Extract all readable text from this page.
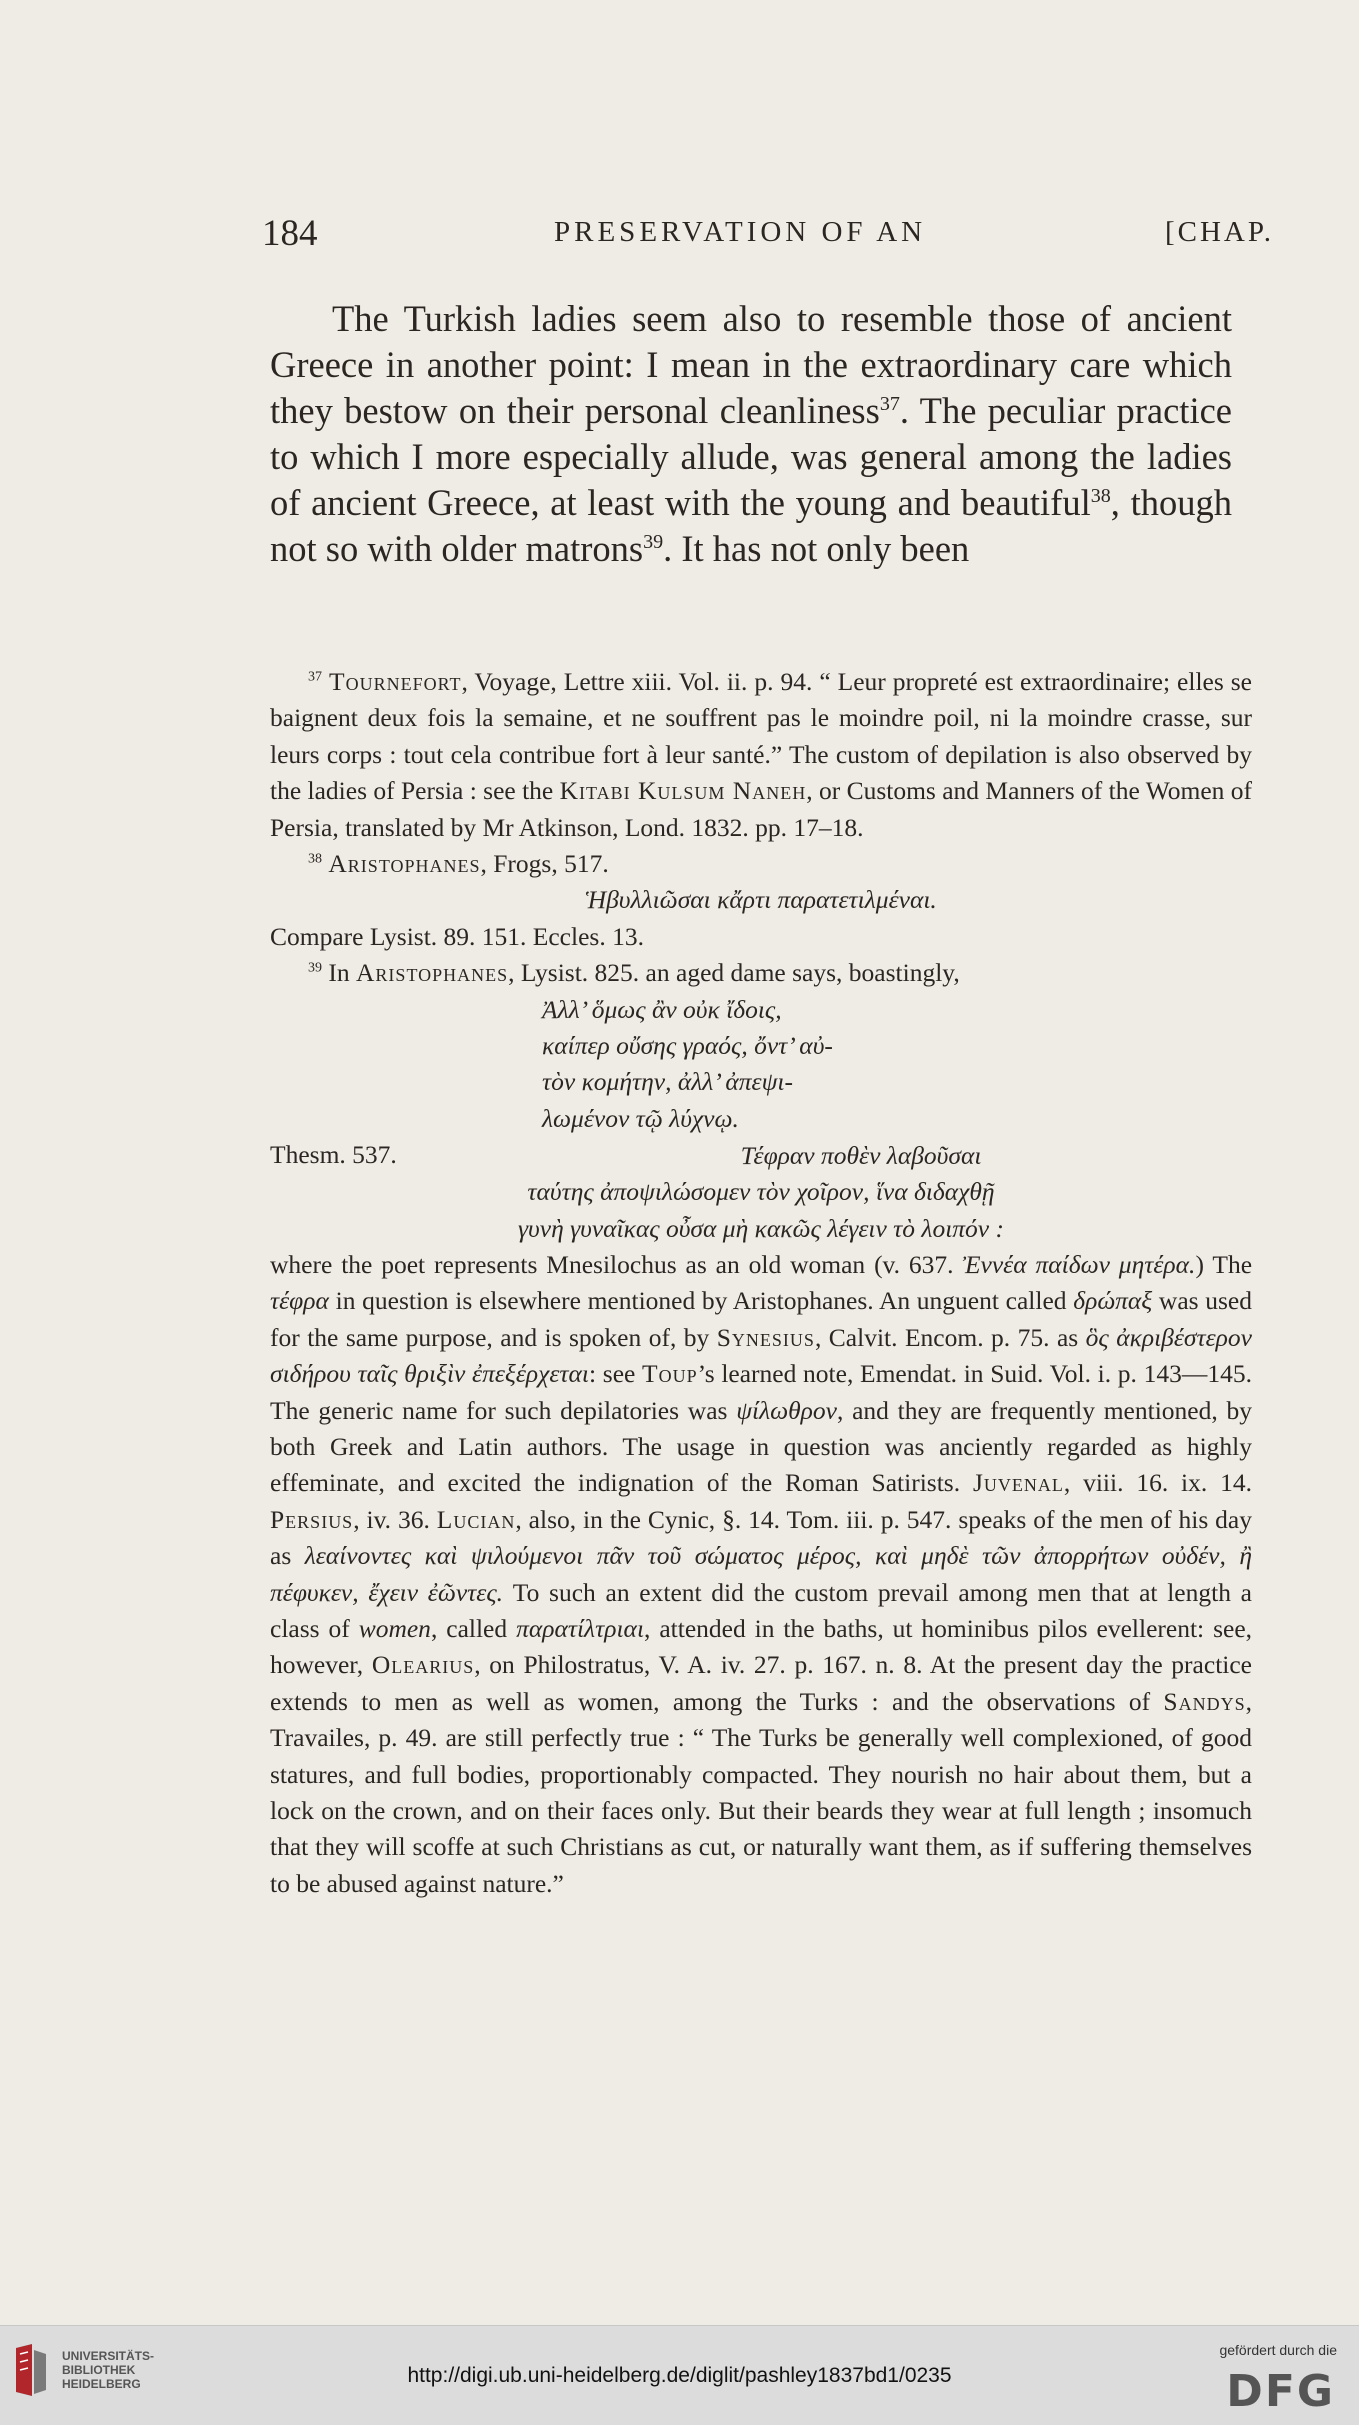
184	PRESERVATION OF AN	[CHAP.
The Turkish ladies seem also to resemble those of ancient Greece in another point: I mean in the extraordinary care which they bestow on their personal cleanliness$^{37}$. The peculiar practice to which I more especially allude, was general among the ladies of ancient Greece, at least with the young and beautiful$^{38}$, though not so with older matrons$^{39}$. It has not only been

$^{37}$ Tournefort, Voyage, Lettre xiii. Vol. ii. p. 94. “ Leur propreté est extraordinaire; elles se baignent deux fois la semaine, et ne souffrent pas le moindre poil, ni la moindre crasse, sur leurs corps : tout cela contribue fort à leur santé.” The custom of depilation is also observed by the ladies of Persia : see the Kitabi Kulsum Naneh, or Customs and Manners of the Women of Persia, translated by Mr Atkinson, Lond. 1832. pp. 17–18.

$^{38}$ Aristophanes, Frogs, 517.

Ἡβυλλιῶσαι κἄρτι παρατετιλμέναι.

Compare Lysist. 89. 151. Eccles. 13.

$^{39}$ In Aristophanes, Lysist. 825. an aged dame says, boastingly,

Ἀλλ’ ὅμως ἂν οὐκ ἴδοις,

καίπερ οὔσης γραός, ὄντ’ αὐ-

τὸν κομήτην, ἀλλ’ ἀπεψι-

λωμένον τῷ λύχνῳ.

Thesm. 537.	Τέφραν ποθὲν λαβοῦσαι

ταύτης ἀποψιλώσομεν τὸν χοῖρον, ἵνα διδαχθῇ

γυνὴ γυναῖκας οὖσα μὴ κακῶς λέγειν τὸ λοιπόν :

where the poet represents Mnesilochus as an old woman (v. 637. Ἐννέα παίδων μητέρα.) The τέφρα in question is elsewhere mentioned by Aristophanes. An unguent called δρώπαξ was used for the same purpose, and is spoken of, by Synesius, Calvit. Encom. p. 75. as ὃς ἀκριβέστερον σιδήρου ταῖς θριξὶν ἐπεξέρχεται: see Toup’s learned note, Emendat. in Suid. Vol. i. p. 143—145. The generic name for such depilatories was ψίλωθρον, and they are frequently mentioned, by both Greek and Latin authors. The usage in question was anciently regarded as highly effeminate, and excited the indignation of the Roman Satirists. Juvenal, viii. 16. ix. 14. Persius, iv. 36. Lucian, also, in the Cynic, §. 14. Tom. iii. p. 547. speaks of the men of his day as λεαίνοντες καὶ ψιλούμενοι πᾶν τοῦ σώματος μέρος, καὶ μηδὲ τῶν ἀπορρήτων οὐδέν, ἢ πέφυκεν, ἔχειν ἐῶντες. To such an extent did the custom prevail among men that at length a class of women, called παρατίλτριαι, attended in the baths, ut hominibus pilos evellerent: see, however, Olearius, on Philostratus, V. A. iv. 27. p. 167. n. 8. At the present day the practice extends to men as well as women, among the Turks : and the observations of Sandys, Travailes, p. 49. are still perfectly true : “ The Turks be generally well complexioned, of good statures, and full bodies, proportionably compacted. They nourish no hair about them, but a lock on the crown, and on their faces only. But their beards they wear at full length ; insomuch that they will scoffe at such Christians as cut, or naturally want them, as if suffering themselves to be abused against nature.”

UNIVERSITÄTS-
BIBLIOTHEK
HEIDELBERG	http://digi.ub.uni-heidelberg.de/diglit/pashley1837bd1/0235
gefördert durch die
DFG
